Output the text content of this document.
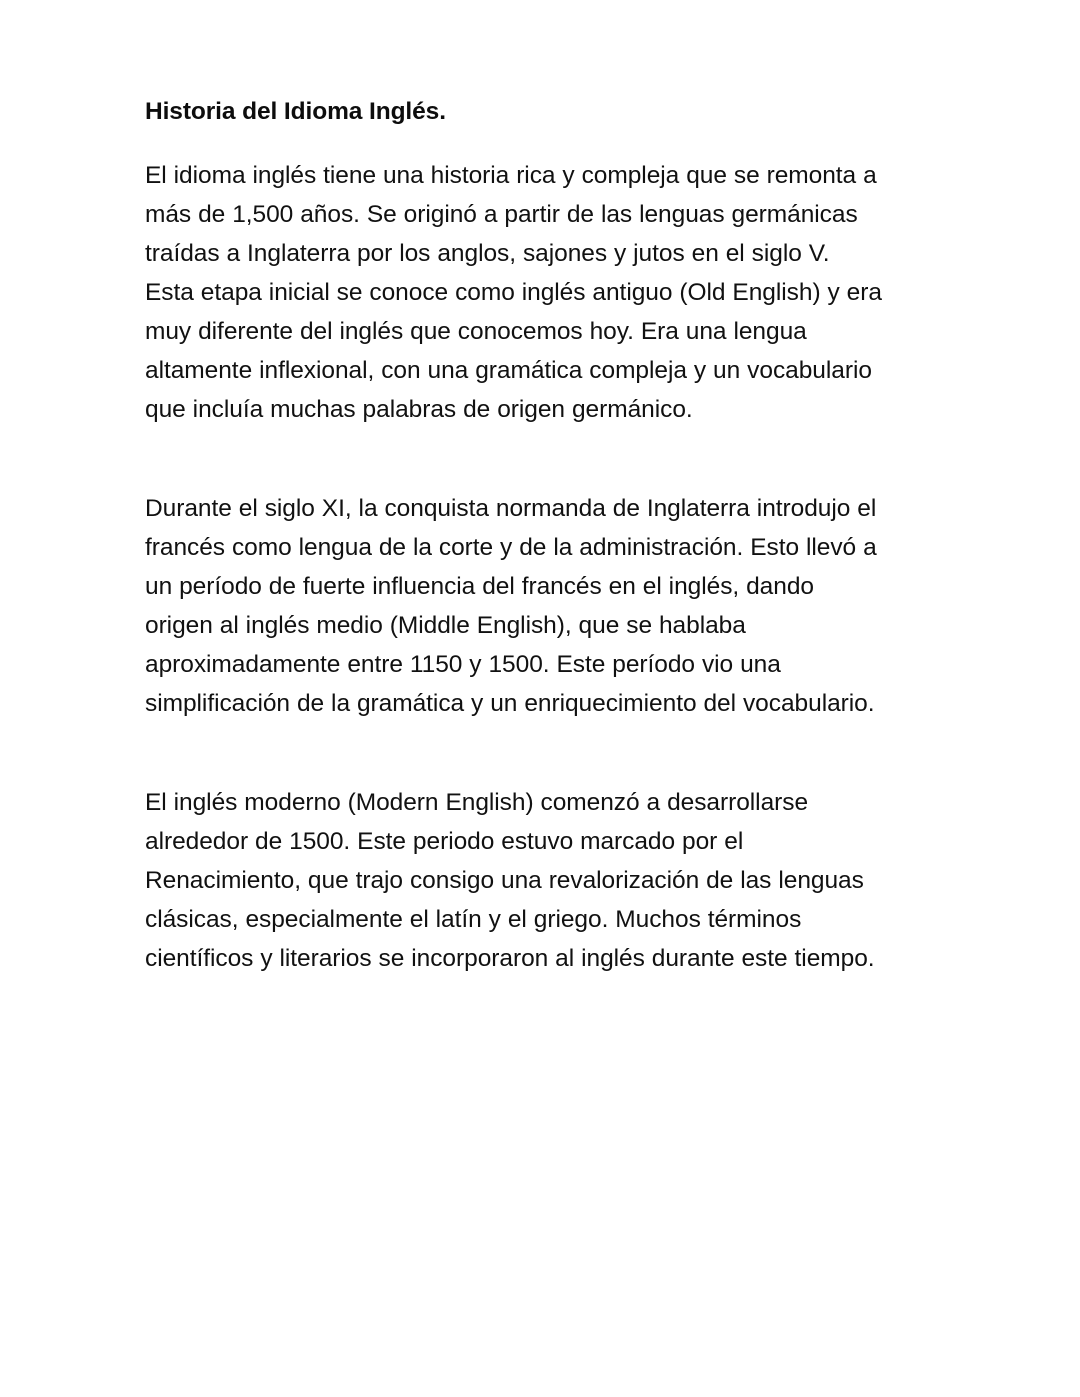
Historia del Idioma Inglés.

El idioma inglés tiene una historia rica y compleja que se remonta a más de 1,500 años. Se originó a partir de las lenguas germánicas traídas a Inglaterra por los anglos, sajones y jutos en el siglo V. Esta etapa inicial se conoce como inglés antiguo (Old English) y era muy diferente del inglés que conocemos hoy. Era una lengua altamente inflexional, con una gramática compleja y un vocabulario que incluía muchas palabras de origen germánico.

Durante el siglo XI, la conquista normanda de Inglaterra introdujo el francés como lengua de la corte y de la administración. Esto llevó a un período de fuerte influencia del francés en el inglés, dando origen al inglés medio (Middle English), que se hablaba aproximadamente entre 1150 y 1500. Este período vio una simplificación de la gramática y un enriquecimiento del vocabulario.

El inglés moderno (Modern English) comenzó a desarrollarse alrededor de 1500. Este periodo estuvo marcado por el Renacimiento, que trajo consigo una revalorización de las lenguas clásicas, especialmente el latín y el griego. Muchos términos científicos y literarios se incorporaron al inglés durante este tiempo.
